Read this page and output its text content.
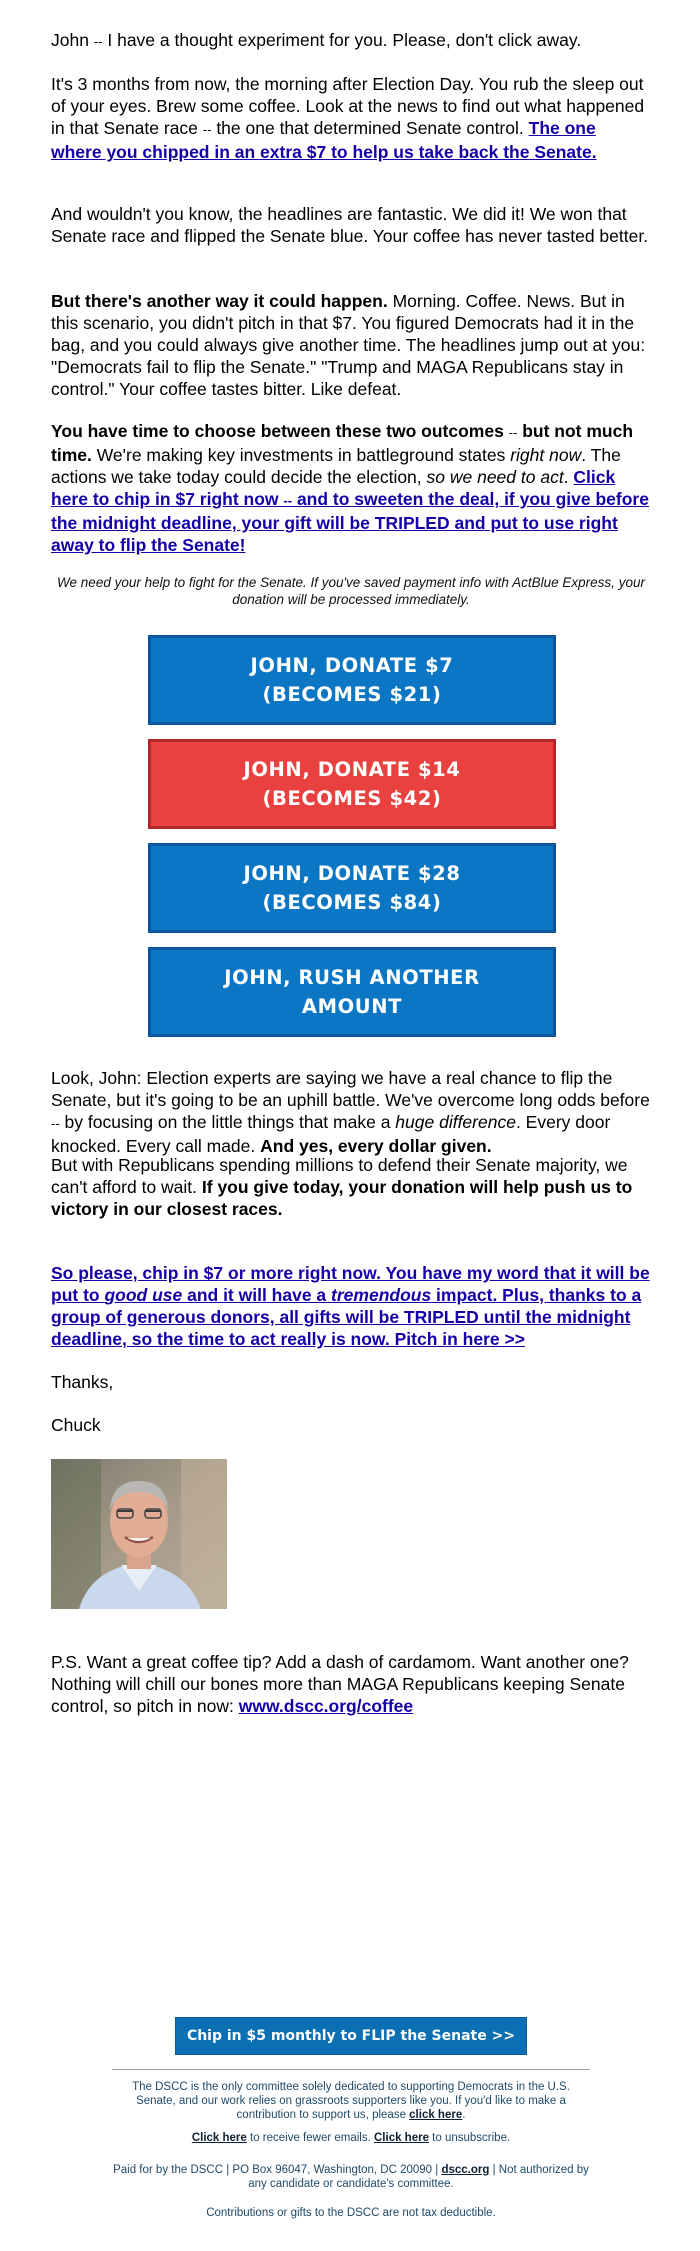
John -- I have a thought experiment for you. Please, don't click away.

It's 3 months from now, the morning after Election Day. You rub the sleep out of your eyes. Brew some coffee. Look at the news to find out what happened in that Senate race -- the one that determined Senate control. The one where you chipped in an extra $7 to help us take back the Senate.

And wouldn't you know, the headlines are fantastic. We did it! We won that Senate race and flipped the Senate blue. Your coffee has never tasted better.

But there's another way it could happen. Morning. Coffee. News. But in this scenario, you didn't pitch in that $7. You figured Democrats had it in the bag, and you could always give another time. The headlines jump out at you: "Democrats fail to flip the Senate." "Trump and MAGA Republicans stay in control." Your coffee tastes bitter. Like defeat.

You have time to choose between these two outcomes -- but not much time. We're making key investments in battleground states right now. The actions we take today could decide the election, so we need to act. Click here to chip in $7 right now -- and to sweeten the deal, if you give before the midnight deadline, your gift will be TRIPLED and put to use right away to flip the Senate!

We need your help to fight for the Senate. If you've saved payment info with ActBlue Express, your donation will be processed immediately.

JOHN, DONATE $7
(BECOMES $21)
JOHN, DONATE $14
(BECOMES $42)
JOHN, DONATE $28
(BECOMES $84)
JOHN, RUSH ANOTHER
AMOUNT

Look, John: Election experts are saying we have a real chance to flip the Senate, but it's going to be an uphill battle. We've overcome long odds before -- by focusing on the little things that make a huge difference. Every door knocked. Every call made. And yes, every dollar given.

But with Republicans spending millions to defend their Senate majority, we can't afford to wait. If you give today, your donation will help push us to victory in our closest races.

So please, chip in $7 or more right now. You have my word that it will be put to good use and it will have a tremendous impact. Plus, thanks to a group of generous donors, all gifts will be TRIPLED until the midnight deadline, so the time to act really is now. Pitch in here >>

Thanks,

Chuck

P.S. Want a great coffee tip? Add a dash of cardamom. Want another one? Nothing will chill our bones more than MAGA Republicans keeping Senate control, so pitch in now: www.dscc.org/coffee

Chip in $5 monthly to FLIP the Senate >>
The DSCC is the only committee solely dedicated to supporting Democrats in the U.S. Senate, and our work relies on grassroots supporters like you. If you'd like to make a contribution to support us, please click here.
Click here to receive fewer emails. Click here to unsubscribe.
Paid for by the DSCC | PO Box 96047, Washington, DC 20090 | dscc.org | Not authorized by any candidate or candidate's committee.
Contributions or gifts to the DSCC are not tax deductible.
